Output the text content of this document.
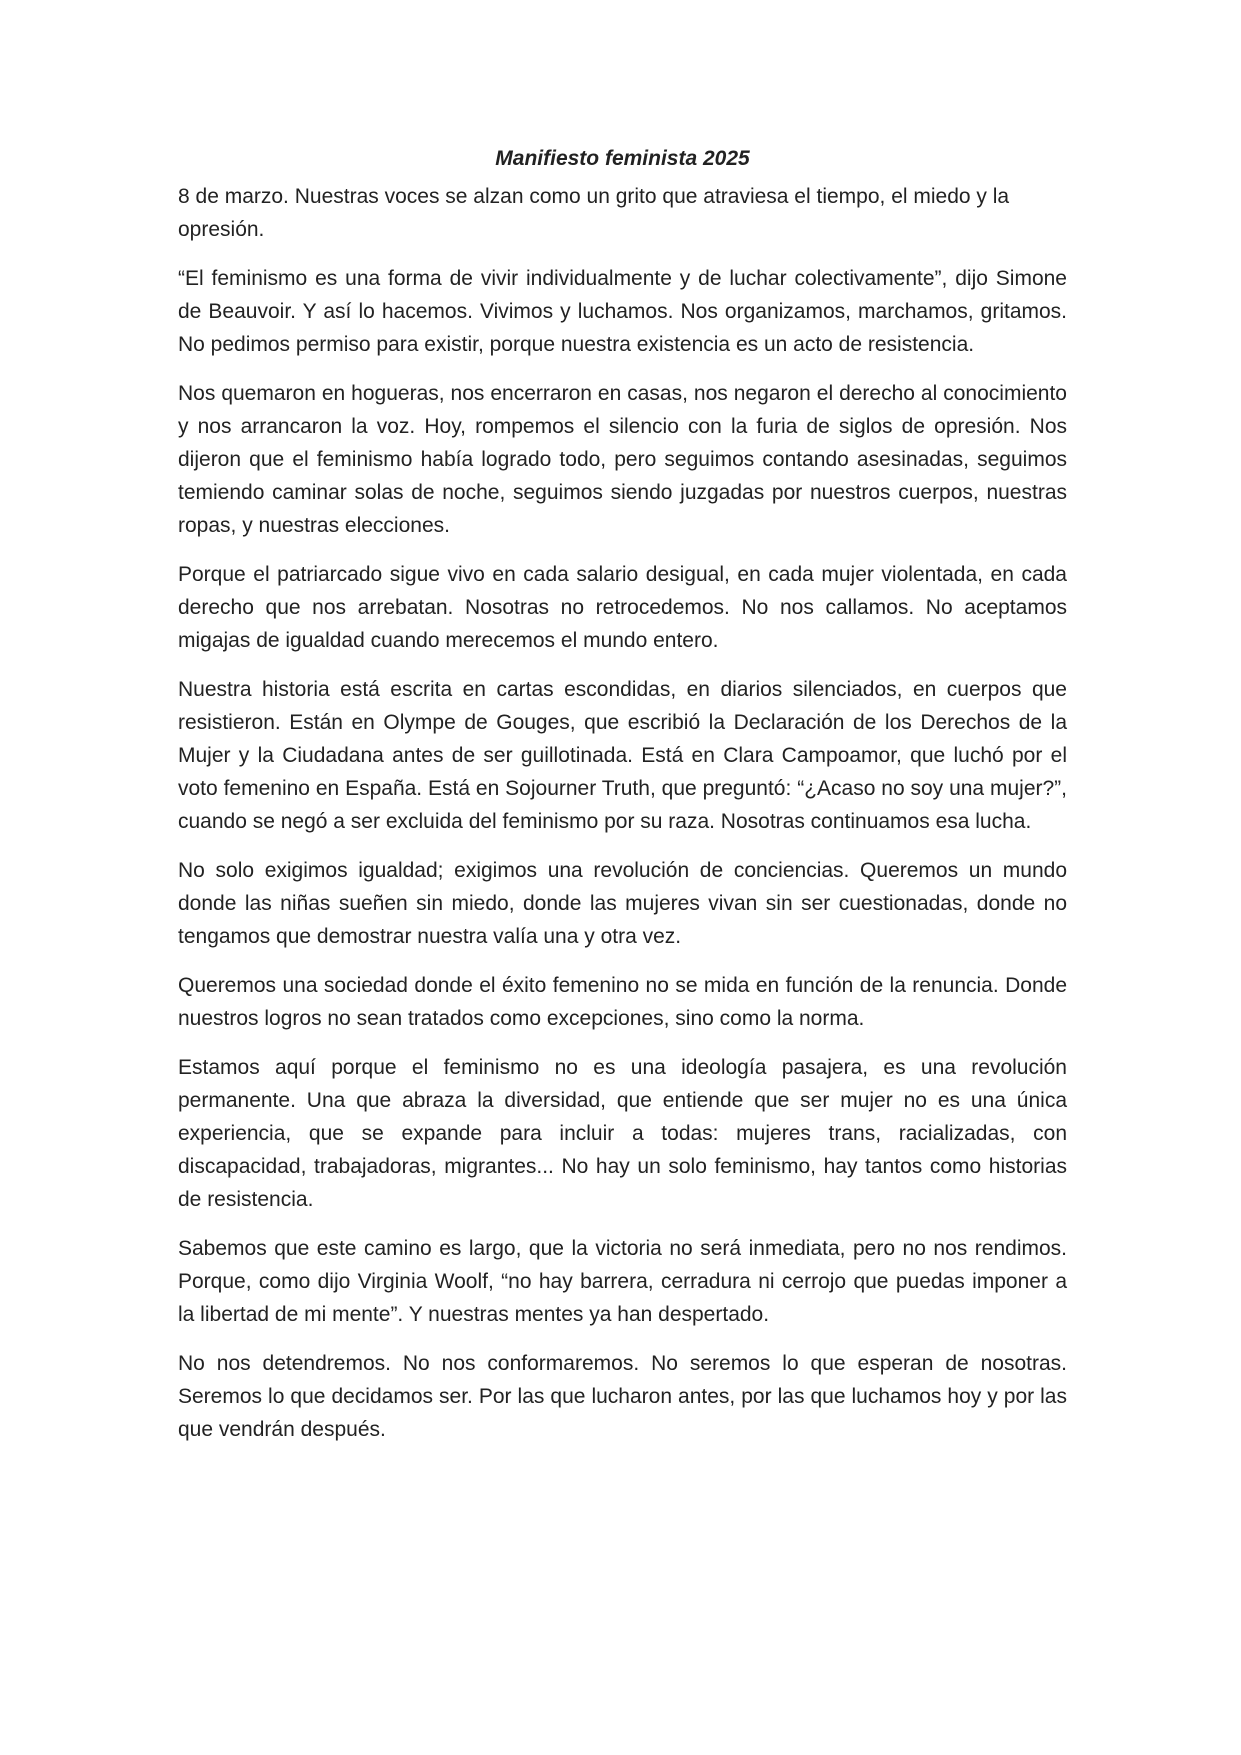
Manifiesto feminista 2025

8 de marzo. Nuestras voces se alzan como un grito que atraviesa el tiempo, el miedo y la opresión.

“El feminismo es una forma de vivir individualmente y de luchar colectivamente”, dijo Simone de Beauvoir. Y así lo hacemos. Vivimos y luchamos. Nos organizamos, marchamos, gritamos. No pedimos permiso para existir, porque nuestra existencia es un acto de resistencia.

Nos quemaron en hogueras, nos encerraron en casas, nos negaron el derecho al conocimiento y nos arrancaron la voz. Hoy, rompemos el silencio con la furia de siglos de opresión. Nos dijeron que el feminismo había logrado todo, pero seguimos contando asesinadas, seguimos temiendo caminar solas de noche, seguimos siendo juzgadas por nuestros cuerpos, nuestras ropas, y nuestras elecciones.

Porque el patriarcado sigue vivo en cada salario desigual, en cada mujer violentada, en cada derecho que nos arrebatan. Nosotras no retrocedemos. No nos callamos. No aceptamos migajas de igualdad cuando merecemos el mundo entero.

Nuestra historia está escrita en cartas escondidas, en diarios silenciados, en cuerpos que resistieron. Están en Olympe de Gouges, que escribió la Declaración de los Derechos de la Mujer y la Ciudadana antes de ser guillotinada. Está en Clara Campoamor, que luchó por el voto femenino en España. Está en Sojourner Truth, que preguntó: “¿Acaso no soy una mujer?”, cuando se negó a ser excluida del feminismo por su raza. Nosotras continuamos esa lucha.

No solo exigimos igualdad; exigimos una revolución de conciencias. Queremos un mundo donde las niñas sueñen sin miedo, donde las mujeres vivan sin ser cuestionadas, donde no tengamos que demostrar nuestra valía una y otra vez.

Queremos una sociedad donde el éxito femenino no se mida en función de la renuncia. Donde nuestros logros no sean tratados como excepciones, sino como la norma.

Estamos aquí porque el feminismo no es una ideología pasajera, es una revolución permanente. Una que abraza la diversidad, que entiende que ser mujer no es una única experiencia, que se expande para incluir a todas: mujeres trans, racializadas, con discapacidad, trabajadoras, migrantes... No hay un solo feminismo, hay tantos como historias de resistencia.

Sabemos que este camino es largo, que la victoria no será inmediata, pero no nos rendimos. Porque, como dijo Virginia Woolf, “no hay barrera, cerradura ni cerrojo que puedas imponer a la libertad de mi mente”. Y nuestras mentes ya han despertado.

No nos detendremos. No nos conformaremos. No seremos lo que esperan de nosotras. Seremos lo que decidamos ser. Por las que lucharon antes, por las que luchamos hoy y por las que vendrán después.
